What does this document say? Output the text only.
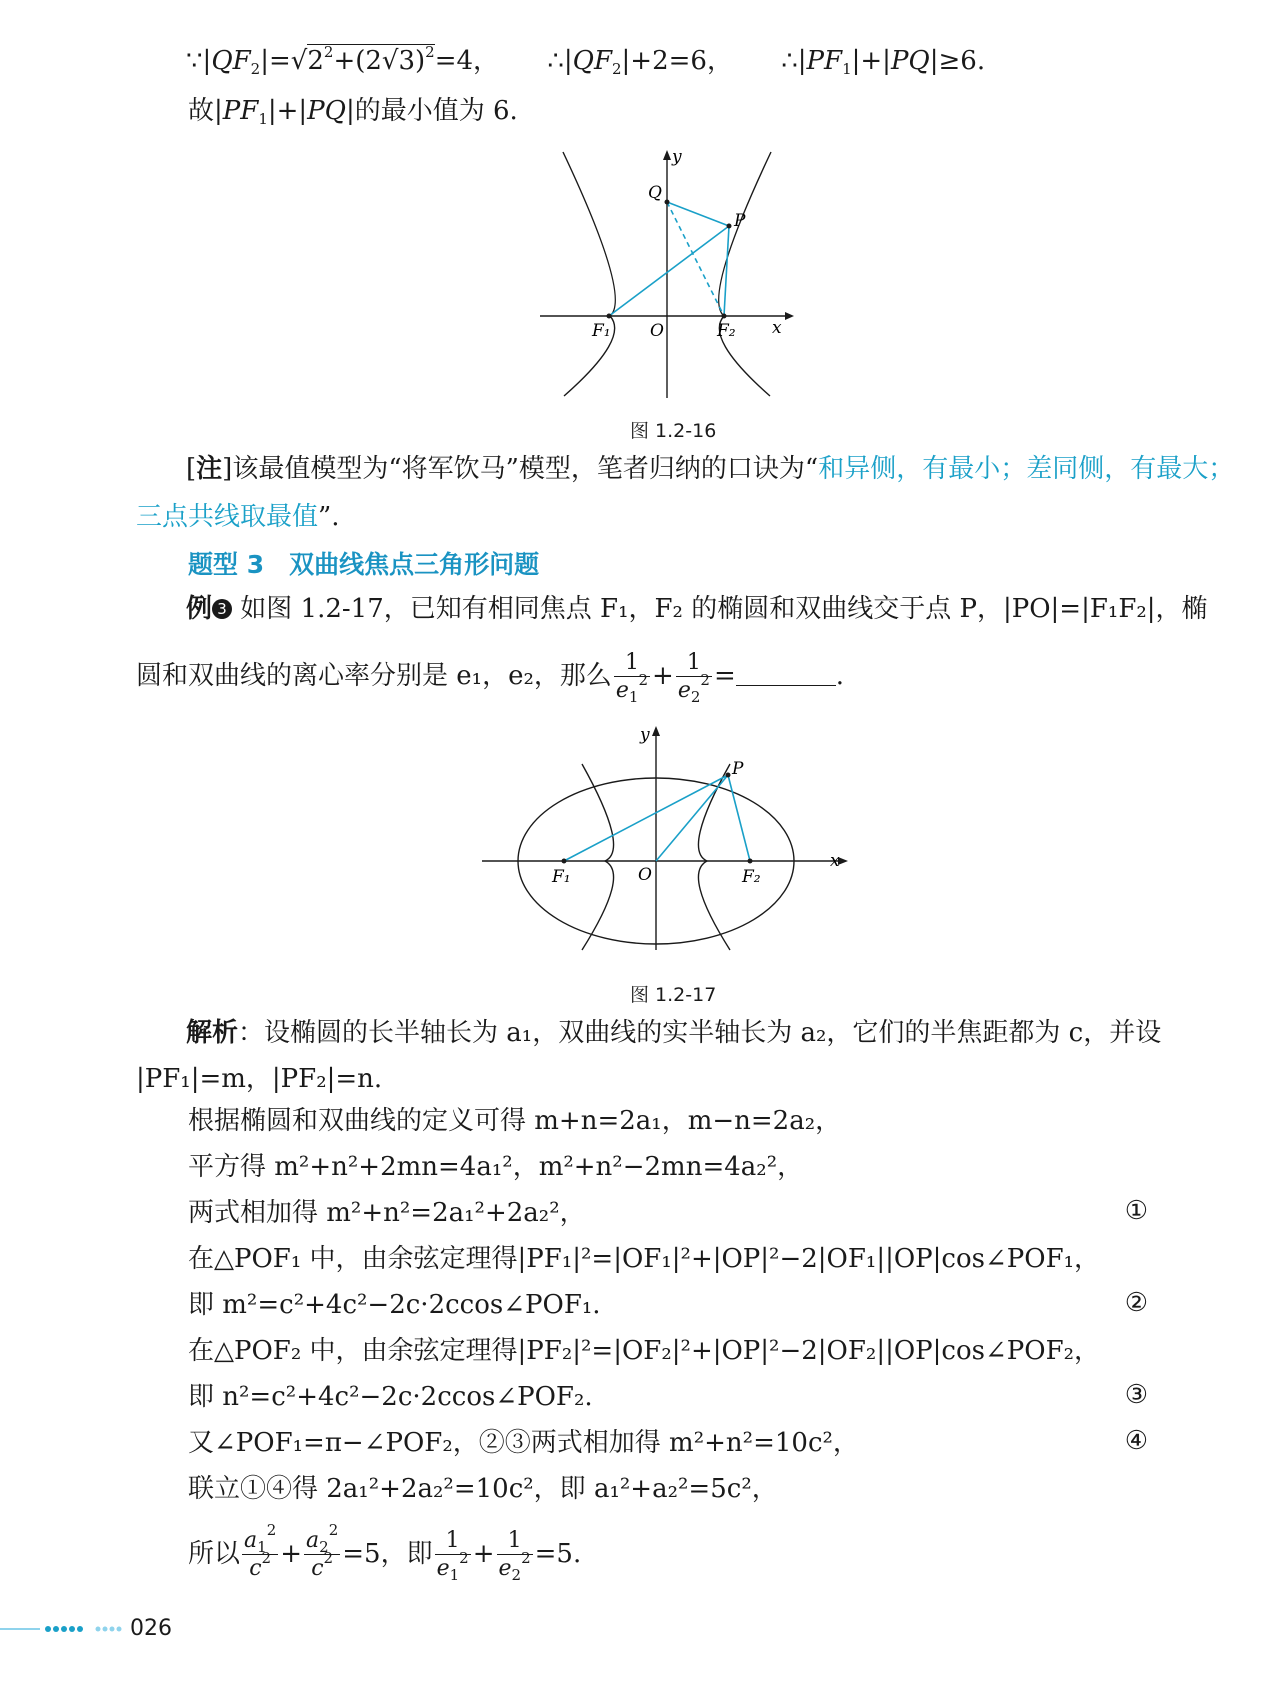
$\because|QF_2|=√2^2+(2√3)^2=4$， $\therefore|QF_2|+2=6$， $\therefore|PF_1|+|PQ|\ge 6$.
故$|PF_1|+|PQ|$的最小值为 6.
y
x
Q
P
F₁ O	F₂
图 1.2-16
[注]该最值模型为“将军饮马”模型，笔者归纳的口诀为“和异侧，有最小；差同侧，有最大；
三点共线取最值”.
题型 3　双曲线焦点三角形问题
例 3 如图 1.2-17，已知有相同焦点 F₁，F₂ 的椭圆和双曲线交于点 P，|PO|=|F₁F₂|，椭
圆和双曲线的离心率分别是 e₁，e₂，那么 $\frac{1}{e_1^2} + \frac{1}{e_2^2}$ =	.
y
x
P
F₁	O	F₂
图 1.2-17
解析：设椭圆的长半轴长为 a₁，双曲线的实半轴长为 a₂，它们的半焦距都为 c，并设
|PF₁|=m，|PF₂|=n.
根据椭圆和双曲线的定义可得 m+n=2a₁，m−n=2a₂，
平方得 m²+n²+2mn=4a₁²，m²+n²−2mn=4a₂²，
两式相加得 m²+n²=2a₁²+2a₂²，	①
在△POF₁ 中，由余弦定理得|PF₁|²=|OF₁|²+|OP|²−2|OF₁||OP|cos∠POF₁，
即 m²=c²+4c²−2c·2ccos∠POF₁.	②
在△POF₂ 中，由余弦定理得|PF₂|²=|OF₂|²+|OP|²−2|OF₂||OP|cos∠POF₂，
即 n²=c²+4c²−2c·2ccos∠POF₂.	③
又∠POF₁=π−∠POF₂，②③两式相加得 m²+n²=10c²，	④
联立①④得 2a₁²+2a₂²=10c²，即 a₁²+a₂²=5c²，
所以 $\frac{a_1^2}{c^2} + \frac{a_2^2}{c^2} =5$，即 $\frac{1}{e_1^2} + \frac{1}{e_2^2} =5$.
026
